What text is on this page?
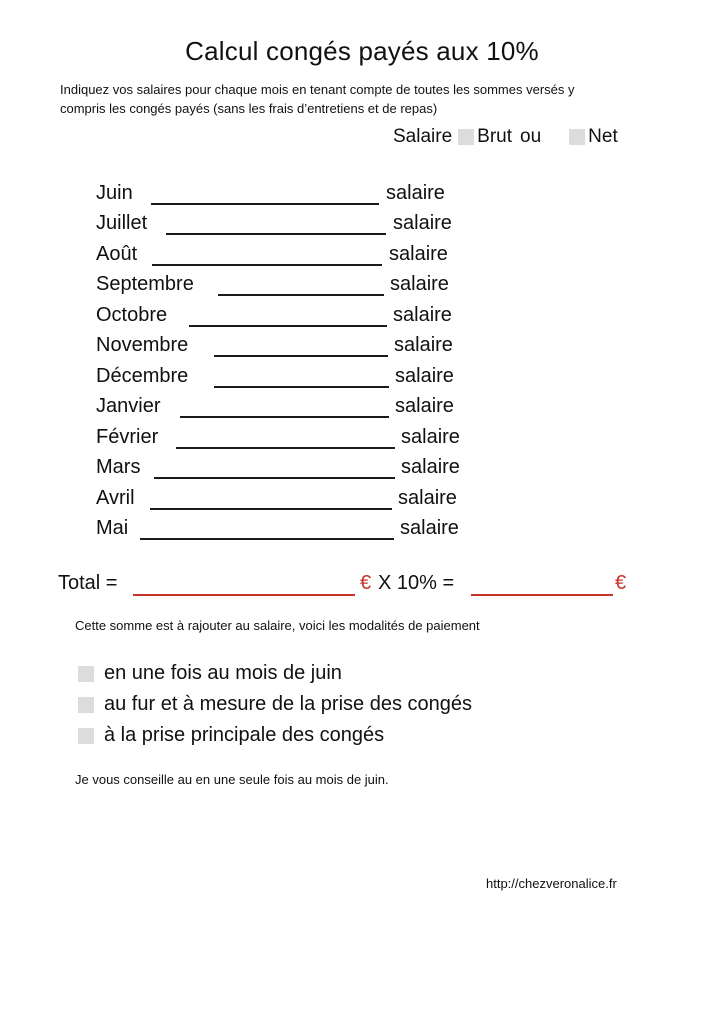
Calcul congés payés aux 10%
Indiquez vos salaires pour chaque mois en tenant compte de toutes les sommes versés y
compris les congés payés (sans les frais d’entretiens et de repas)
Salaire Brut ou Net
Juin	salaire
Juillet	salaire
Août	salaire
Septembre	salaire
Octobre	salaire
Novembre	salaire
Décembre	salaire
Janvier	salaire
Février	salaire
Mars	salaire
Avril	salaire
Mai	salaire
Total =	€ X 10% =	€
Cette somme est à rajouter au salaire, voici les modalités de paiement
en une fois au mois de juin
au fur et à mesure de la prise des congés
à la prise principale des congés
Je vous conseille au en une seule fois au mois de juin.
http://chezveronalice.fr
